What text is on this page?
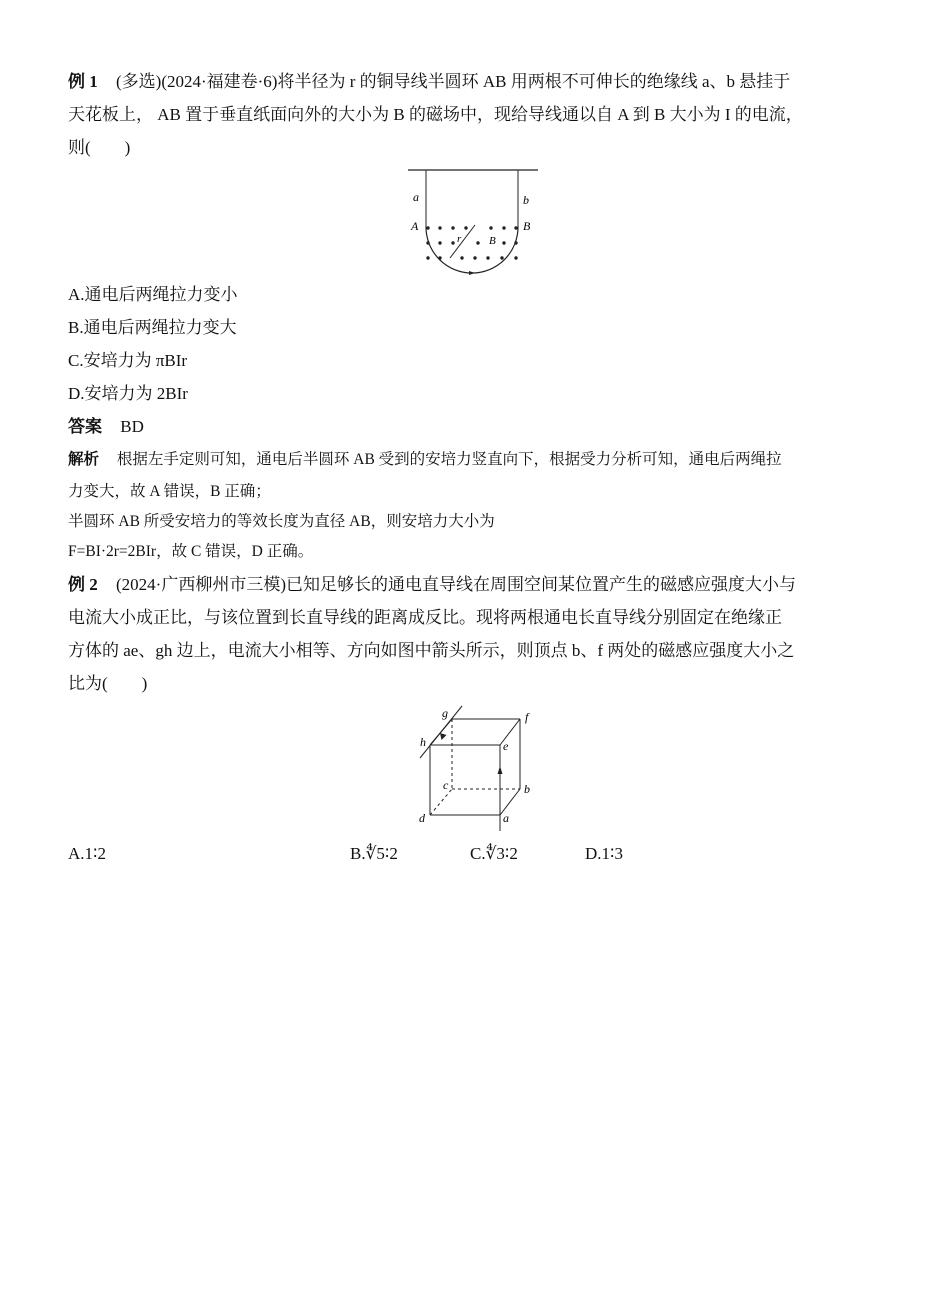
例 1 (多选)(2024·福建卷·6)将半径为 r 的铜导线半圆环 AB 用两根不可伸长的绝缘线 a、b 悬挂于
天花板上， AB 置于垂直纸面向外的大小为 B 的磁场中，现给导线通以自 A 到 B 大小为 I 的电流，
则(　　)
a	b
A	B
r	B
A.通电后两绳拉力变小
B.通电后两绳拉力变大
C.安培力为 πBIr
D.安培力为 2BIr
答案 BD
解析 根据左手定则可知，通电后半圆环 AB 受到的安培力竖直向下，根据受力分析可知，通电后两绳拉
力变大，故 A 错误，B 正确；
半圆环 AB 所受安培力的等效长度为直径 AB，则安培力大小为
F=BI·2r=2BIr，故 C 错误，D 正确。
例 2 (2024·广西柳州市三模)已知足够长的通电直导线在周围空间某位置产生的磁感应强度大小与
电流大小成正比，与该位置到长直导线的距离成反比。现将两根通电长直导线分别固定在绝缘正
方体的 ae、gh 边上，电流大小相等、方向如图中箭头所示，则顶点 b、f 两处的磁感应强度大小之
比为(　　)
g	f
h	e
c	b
d	a
A.1∶2	B.∜5∶2	C.∜3∶2	D.1∶3
